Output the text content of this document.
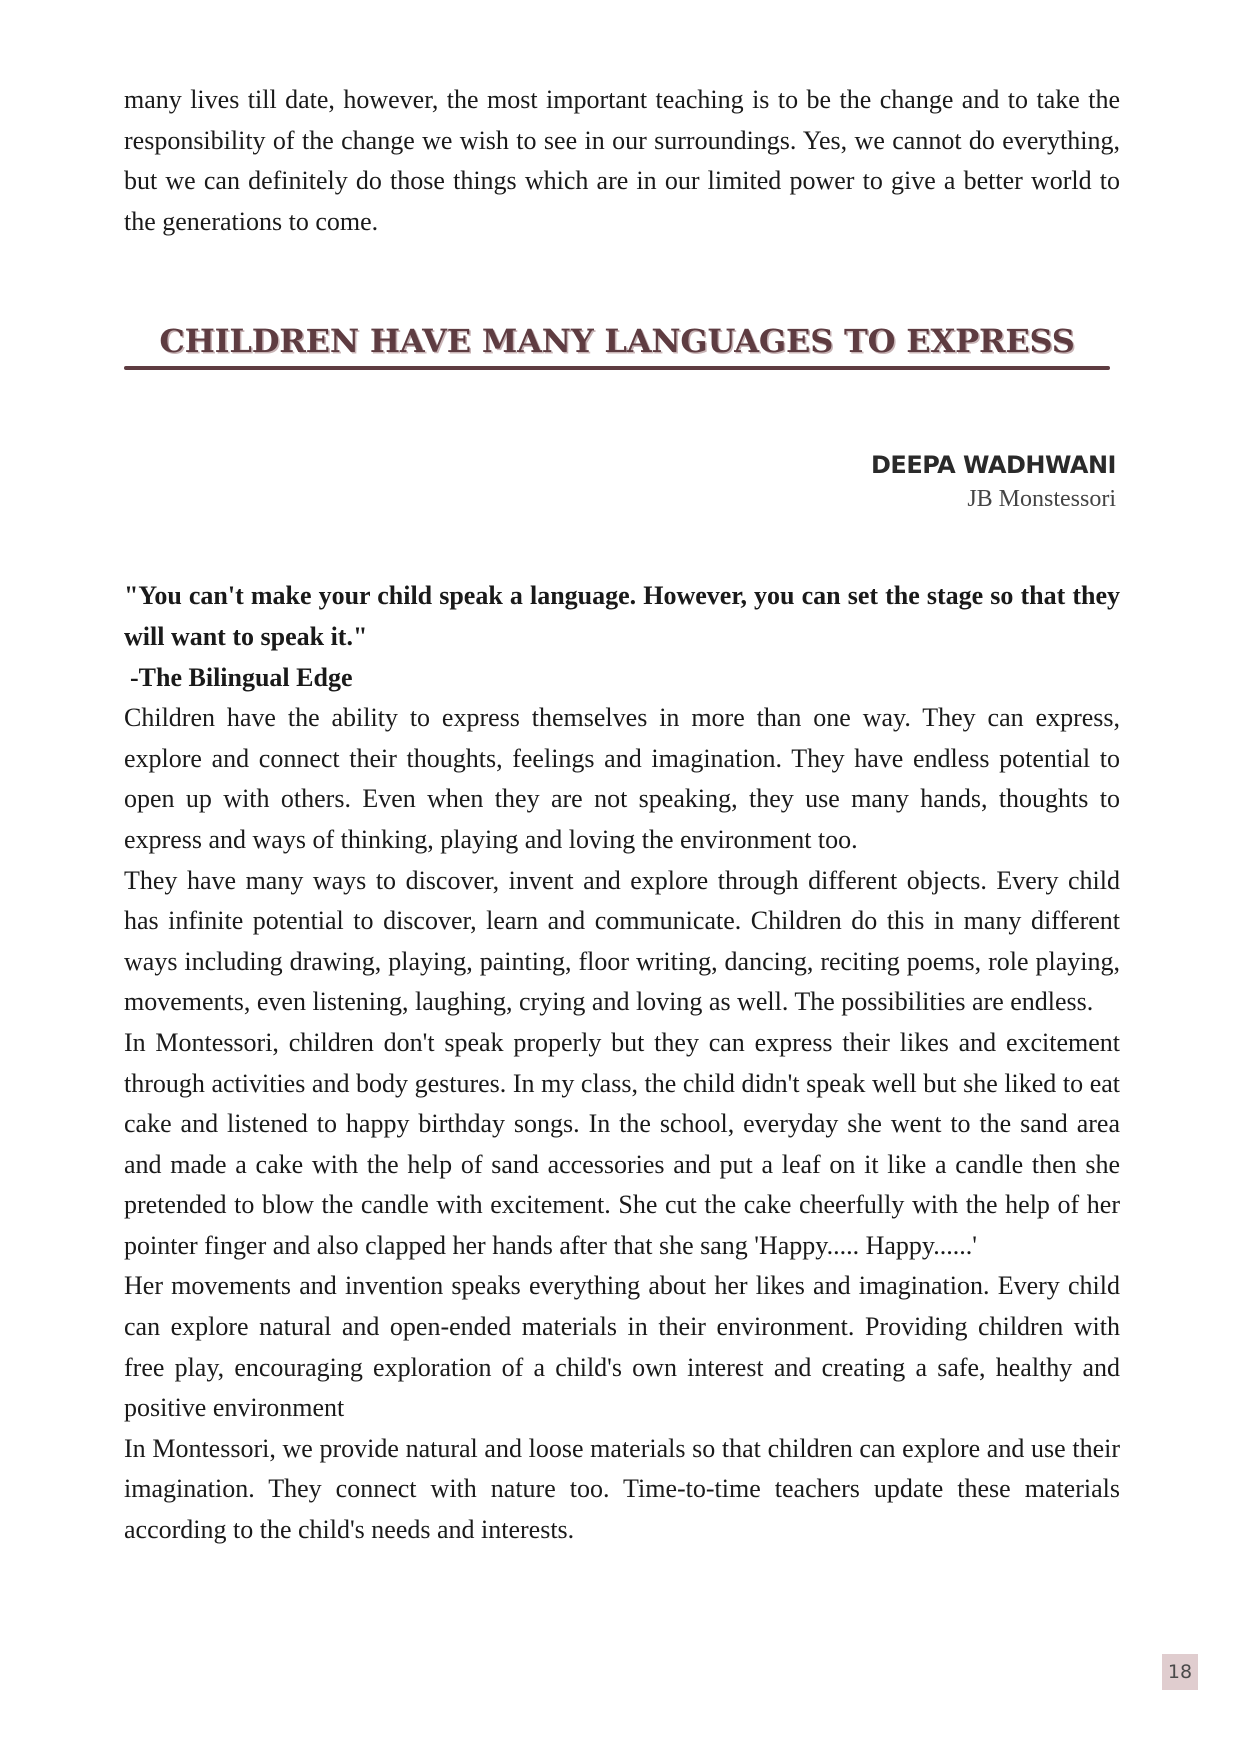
many lives till date, however, the most important teaching is to be the change and to take the responsibility of the change we wish to see in our surroundings. Yes, we cannot do everything, but we can definitely do those things which are in our limited power to give a better world to the generations to come.

CHILDREN HAVE MANY LANGUAGES TO EXPRESS
DEEPA WADHWANI
JB Monstessori
"You can't make your child speak a language. However, you can set the stage so that they will want to speak it."
-The Bilingual Edge

Children have the ability to express themselves in more than one way. They can express, explore and connect their thoughts, feelings and imagination. They have endless potential to open up with others. Even when they are not speaking, they use many hands, thoughts to express and ways of thinking, playing and loving the environment too.

They have many ways to discover, invent and explore through different objects. Every child has infinite potential to discover, learn and communicate. Children do this in many different ways including drawing, playing, painting, floor writing, dancing, reciting poems, role playing, movements, even listening, laughing, crying and loving as well. The possibilities are endless.

In Montessori, children don't speak properly but they can express their likes and excitement through activities and body gestures. In my class, the child didn't speak well but she liked to eat cake and listened to happy birthday songs. In the school, everyday she went to the sand area and made a cake with the help of sand accessories and put a leaf on it like a candle then she pretended to blow the candle with excitement. She cut the cake cheerfully with the help of her pointer finger and also clapped her hands after that she sang 'Happy..... Happy......'

Her movements and invention speaks everything about her likes and imagination. Every child can explore natural and open-ended materials in their environment. Providing children with free play, encouraging exploration of a child's own interest and creating a safe, healthy and positive environment

In Montessori, we provide natural and loose materials so that children can explore and use their imagination. They connect with nature too. Time-to-time teachers update these materials according to the child's needs and interests.

18
